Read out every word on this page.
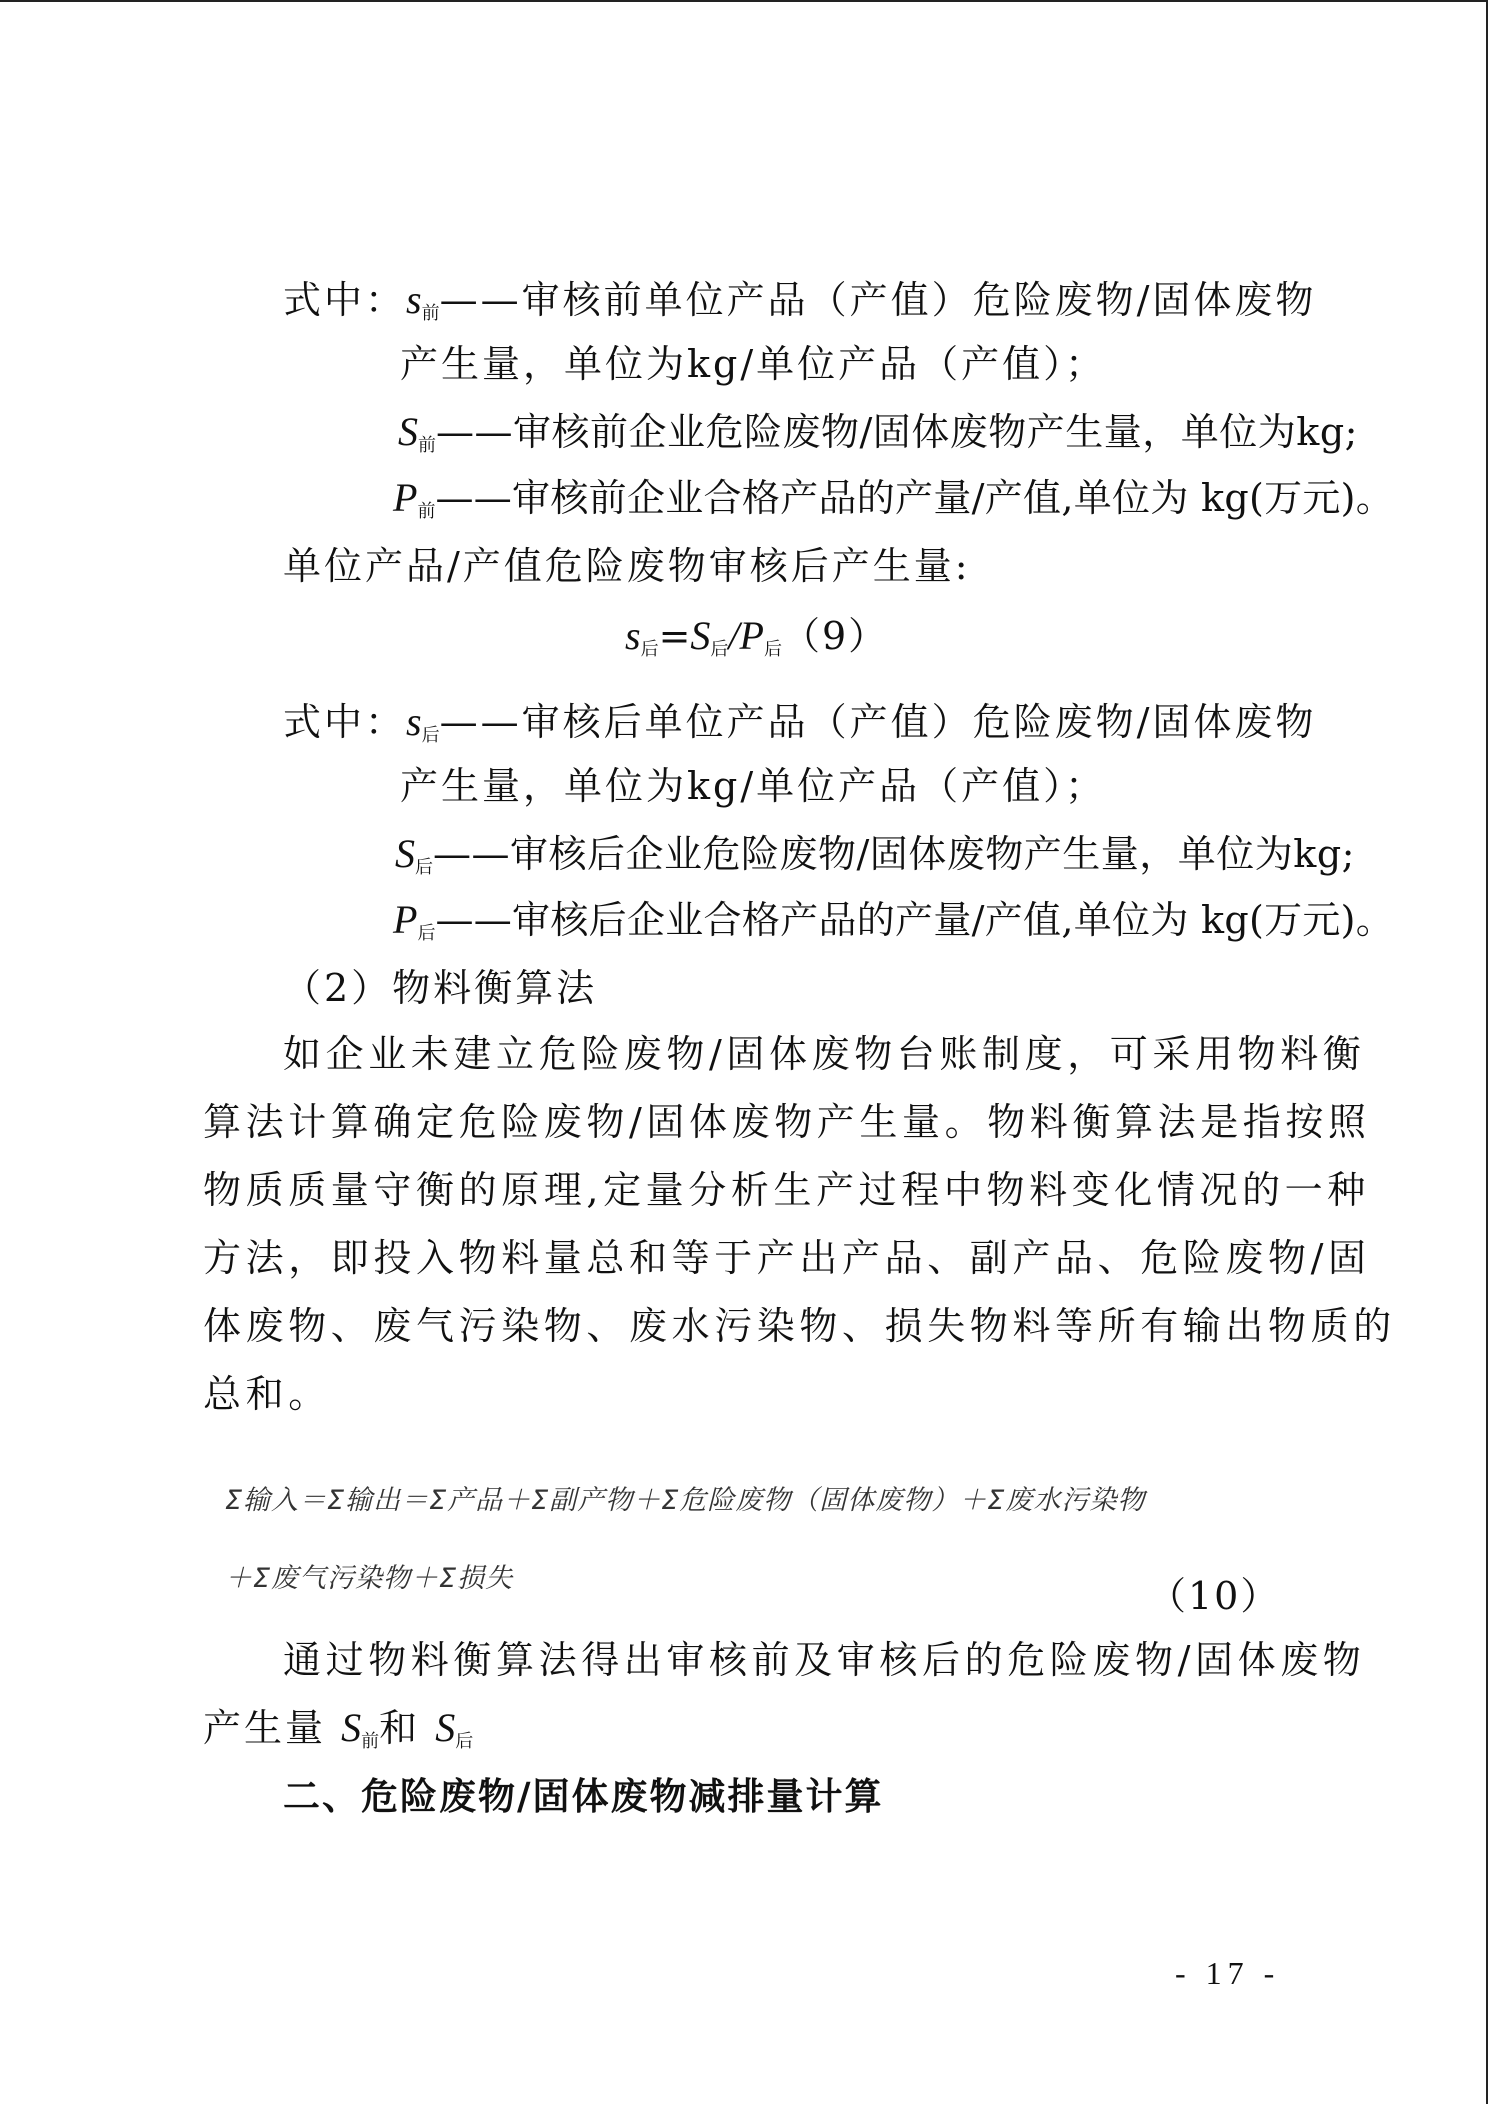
式中：$s_前——$审核前单位产品（产值）危险废物/固体废物
产生量，单位为kg/单位产品（产值）；
$S_前——$审核前企业危险废物/固体废物产生量，单位为kg;
$P_前——$审核前企业合格产品的产量/产值,单位为 kg(万元)。
单位产品/产值危险废物审核后产生量:
$s_后=S_后/P_后(9)$
式中：$s_后——$审核后单位产品（产值）危险废物/固体废物
产生量，单位为kg/单位产品（产值）；
$S_后——$审核后企业危险废物/固体废物产生量，单位为kg;
$P_后——$审核后企业合格产品的产量/产值,单位为 kg(万元)。
（2）物料衡算法
如企业未建立危险废物/固体废物台账制度，可采用物料衡
算法计算确定危险废物/固体废物产生量。物料衡算法是指按照
物质质量守衡的原理,定量分析生产过程中物料变化情况的一种
方法，即投入物料量总和等于产出产品、副产品、危险废物/固
体废物、废气污染物、废水污染物、损失物料等所有输出物质的
总和。
Σ输入＝Σ输出＝Σ产品＋Σ副产物＋Σ危险废物（固体废物）＋Σ废水污染物
＋Σ废气污染物＋Σ损失	（10）
通过物料衡算法得出审核前及审核后的危险废物/固体废物
产生量 $S_前$和 $S_后$
二、危险废物/固体废物减排量计算
- 17 -
